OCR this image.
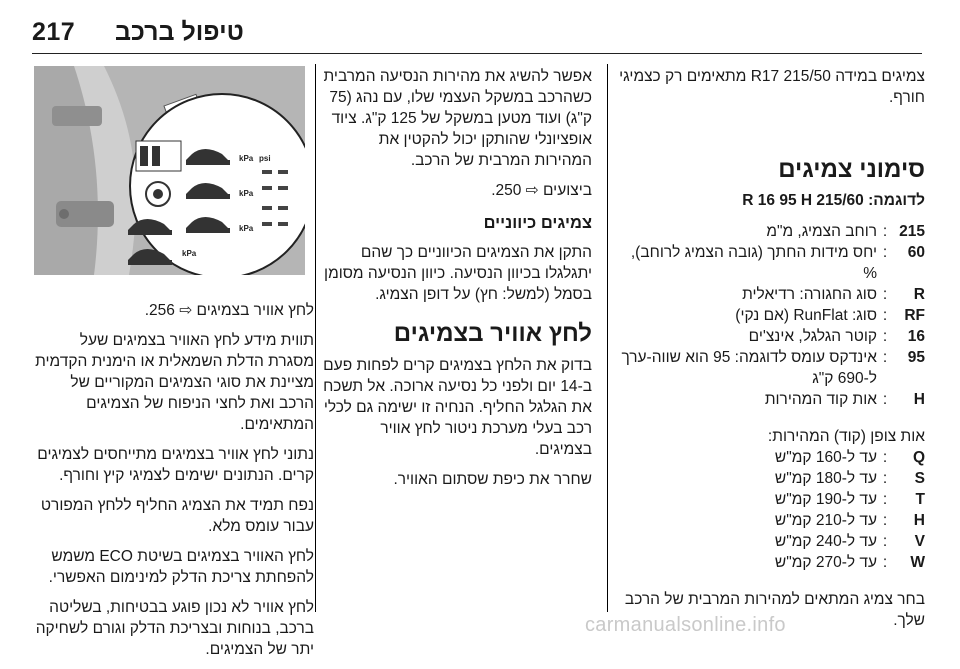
217 טיפול ברכב

צמיגים במידה 215/50 R17 מתאימים רק כצמיגי חורף.

סימוני צמיגים

לדוגמה: 215/60 R 16 95 H

215	:	רוחב הצמיג, מ"מ
60	:	יחס מידות החתך (גובה הצמיג לרוחב), %
R	:	סוג החגורה: רדיאלית
RF	:	סוג: RunFlat (אם נקי)
16	:	קוטר הגלגל, אינצ'ים
95	:	אינדקס עומס לדוגמה: 95 הוא שווה-ערך ל-690 ק"ג
H	:	אות קוד המהירות

אות צופן (קוד) המהירות:

Q	:	עד ל-160 קמ"ש
S	:	עד ל-180 קמ"ש
T	:	עד ל-190 קמ"ש
H	:	עד ל-210 קמ"ש
V	:	עד ל-240 קמ"ש
W	:	עד ל-270 קמ"ש

בחר צמיג המתאים למהירות המרבית של הרכב שלך.

אפשר להשיג את מהירות הנסיעה המרבית כשהרכב במשקל העצמי שלו, עם נהג (75 ק"ג) ועוד מטען במשקל של 125 ק"ג. ציוד אופציונלי שהותקן יכול להקטין את המהירות המרבית של הרכב.

ביצועים ⇨ 250.

צמיגים כיווניים

התקן את הצמיגים הכיווניים כך שהם יתגלגלו בכיוון הנסיעה. כיוון הנסיעה מסומן בסמל (למשל: חץ) על דופן הצמיג.

לחץ אוויר בצמיגים

בדוק את הלחץ בצמיגים קרים לפחות פעם ב-14 יום ולפני כל נסיעה ארוכה. אל תשכח את הגלגל החליף. הנחיה זו ישימה גם לכלי רכב בעלי מערכת ניטור לחץ אוויר בצמיגים.

שחרר את כיפת שסתום האוויר.

kPa psi
kPa
kPa
kPa

לחץ אוויר בצמיגים ⇨ 256.

תווית מידע לחץ האוויר בצמיגים שעל מסגרת הדלת השמאלית או הימנית הקדמית מציינת את סוגי הצמיגים המקוריים של הרכב ואת לחצי הניפוח של הצמיגים המתאימים.

נתוני לחץ אוויר בצמיגים מתייחסים לצמיגים קרים. הנתונים ישימים לצמיגי קיץ וחורף.

נפח תמיד את הצמיג החליף ללחץ המפורט עבור עומס מלא.

לחץ האוויר בצמיגים בשיטת ECO משמש להפחתת צריכת הדלק למינימום האפשרי.

לחץ אוויר לא נכון פוגע בבטיחות, בשליטה ברכב, בנוחות ובצריכת הדלק וגורם לשחיקה יתר של הצמיגים.

carmanualsonline.info
